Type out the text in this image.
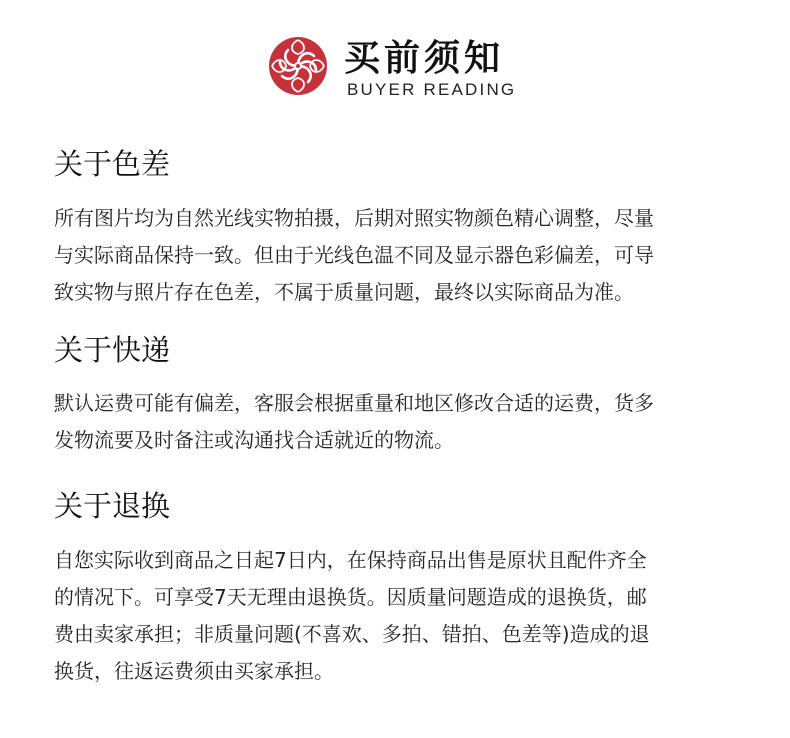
买前须知
BUYER READING
关于色差

所有图片均为自然光线实物拍摄，后期对照实物颜色精心调整，尽量
与实际商品保持一致。但由于光线色温不同及显示器色彩偏差，可导
致实物与照片存在色差，不属于质量问题，最终以实际商品为准。

关于快递

默认运费可能有偏差，客服会根据重量和地区修改合适的运费，货多
发物流要及时备注或沟通找合适就近的物流。

关于退换

自您实际收到商品之日起7日内，在保持商品出售是原状且配件齐全
的情况下。可享受7天无理由退换货。因质量问题造成的退换货，邮
费由卖家承担；非质量问题(不喜欢、多拍、错拍、色差等)造成的退
换货，往返运费须由买家承担。
